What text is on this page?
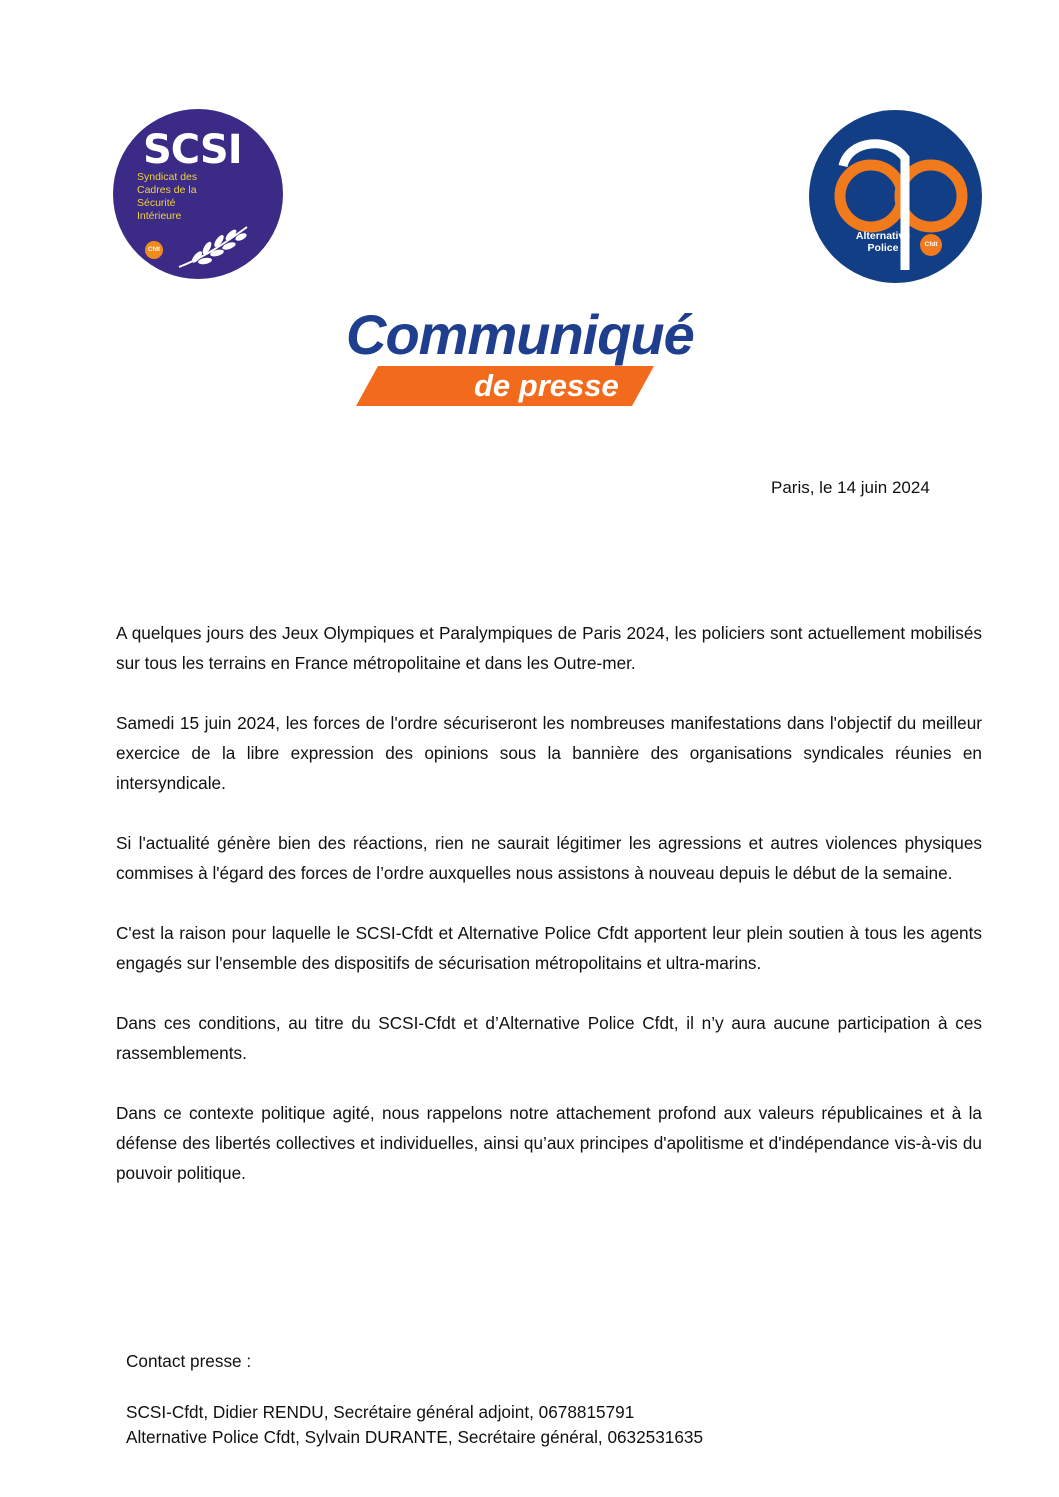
SCSI
Syndicat des
Cadres de la
Sécurité
Intérieure
Cfdt
Alternative
Police	Cfdt
Communiqué
de presse
Paris, le 14 juin 2024

A quelques jours des Jeux Olympiques et Paralympiques de Paris 2024, les policiers sont actuellement mobilisés sur tous les terrains en France métropolitaine et dans les Outre-mer.

Samedi 15 juin 2024, les forces de l'ordre sécuriseront les nombreuses manifestations dans l'objectif du meilleur exercice de la libre expression des opinions sous la bannière des organisations syndicales réunies en intersyndicale.

Si l'actualité génère bien des réactions, rien ne saurait légitimer les agressions et autres violences physiques commises à l'égard des forces de l’ordre auxquelles nous assistons à nouveau depuis le début de la semaine.

C'est la raison pour laquelle le SCSI-Cfdt et Alternative Police Cfdt apportent leur plein soutien à tous les agents engagés sur l'ensemble des dispositifs de sécurisation métropolitains et ultra-marins.

Dans ces conditions, au titre du SCSI-Cfdt et d’Alternative Police Cfdt, il n’y aura aucune participation à ces rassemblements.

Dans ce contexte politique agité, nous rappelons notre attachement profond aux valeurs républicaines et à la défense des libertés collectives et individuelles, ainsi qu’aux principes d'apolitisme et d'indépendance vis-à-vis du pouvoir politique.

Contact presse :
SCSI-Cfdt, Didier RENDU, Secrétaire général adjoint, 0678815791
Alternative Police Cfdt, Sylvain DURANTE, Secrétaire général, 0632531635
